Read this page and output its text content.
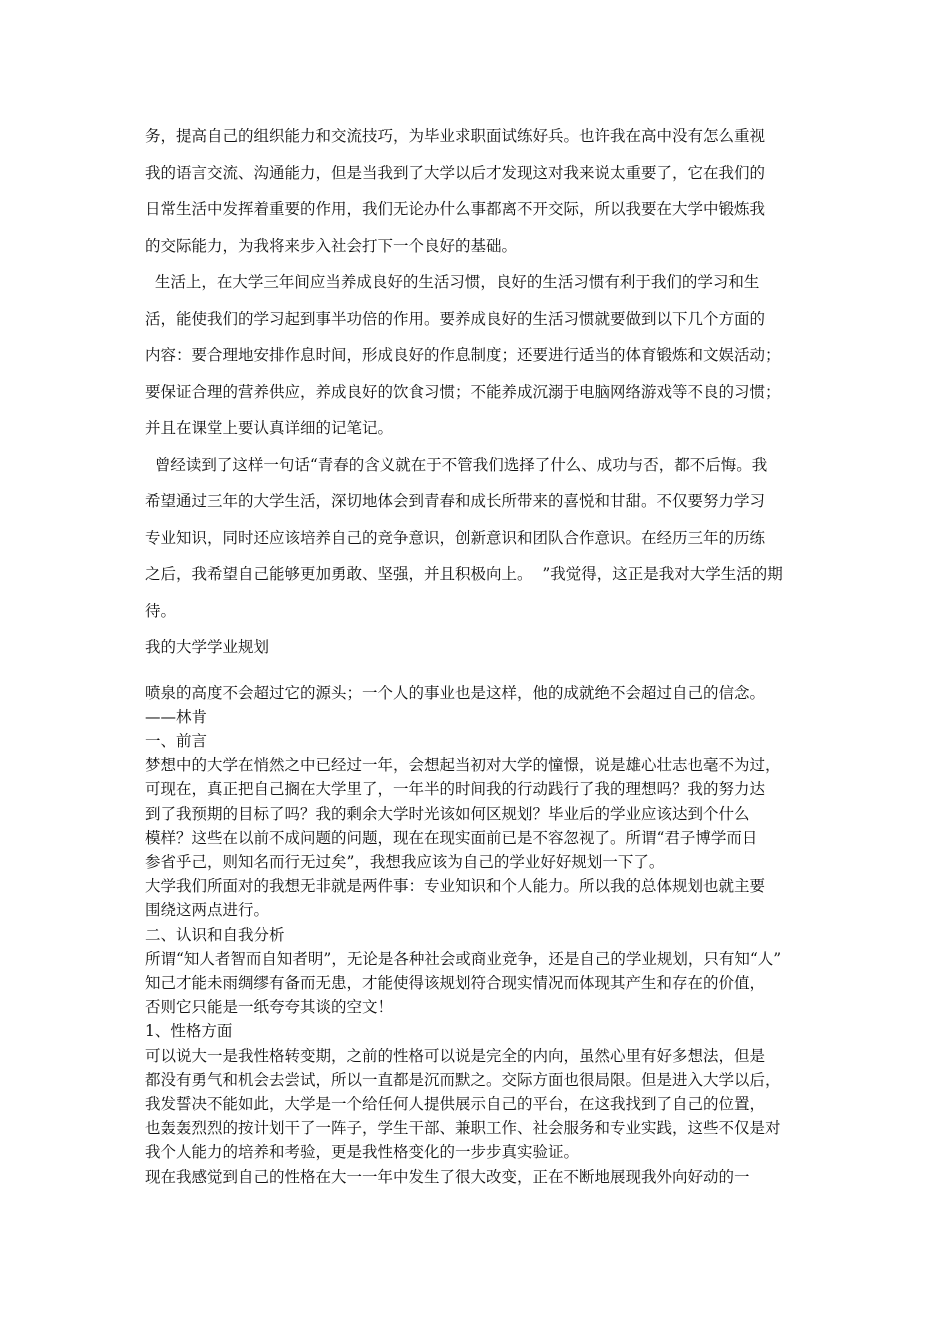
务，提高自己的组织能力和交流技巧，为毕业求职面试练好兵。也许我在高中没有怎么重视
我的语言交流、沟通能力，但是当我到了大学以后才发现这对我来说太重要了，它在我们的
日常生活中发挥着重要的作用，我们无论办什么事都离不开交际，所以我要在大学中锻炼我
的交际能力，为我将来步入社会打下一个良好的基础。

生活上，在大学三年间应当养成良好的生活习惯，良好的生活习惯有利于我们的学习和生
活，能使我们的学习起到事半功倍的作用。要养成良好的生活习惯就要做到以下几个方面的
内容：要合理地安排作息时间，形成良好的作息制度；还要进行适当的体育锻炼和文娱活动；
要保证合理的营养供应，养成良好的饮食习惯；不能养成沉溺于电脑网络游戏等不良的习惯；
并且在课堂上要认真详细的记笔记。

曾经读到了这样一句话“青春的含义就在于不管我们选择了什么、成功与否，都不后悔。我
希望通过三年的大学生活，深切地体会到青春和成长所带来的喜悦和甘甜。不仅要努力学习
专业知识，同时还应该培养自己的竞争意识，创新意识和团队合作意识。在经历三年的历练
之后，我希望自己能够更加勇敢、坚强，并且积极向上。  ”我觉得，这正是我对大学生活的期
待。

我的大学学业规划

喷泉的高度不会超过它的源头；一个人的事业也是这样，他的成就绝不会超过自己的信念。

——林肯

一、前言

梦想中的大学在悄然之中已经过一年，会想起当初对大学的憧憬，说是雄心壮志也毫不为过，

可现在，真正把自己搁在大学里了，一年半的时间我的行动践行了我的理想吗？我的努力达

到了我预期的目标了吗？我的剩余大学时光该如何区规划？毕业后的学业应该达到个什么

模样？这些在以前不成问题的问题，现在在现实面前已是不容忽视了。所谓“君子博学而日

参省乎己，则知名而行无过矣”，我想我应该为自己的学业好好规划一下了。

大学我们所面对的我想无非就是两件事：专业知识和个人能力。所以我的总体规划也就主要

围绕这两点进行。

二、认识和自我分析

所谓“知人者智而自知者明”，无论是各种社会或商业竞争，还是自己的学业规划，只有知“人”

知己才能未雨绸缪有备而无患，才能使得该规划符合现实情况而体现其产生和存在的价值，

否则它只能是一纸夸夸其谈的空文！

1、性格方面

可以说大一是我性格转变期，之前的性格可以说是完全的内向，虽然心里有好多想法，但是

都没有勇气和机会去尝试，所以一直都是沉而默之。交际方面也很局限。但是进入大学以后，

我发誓决不能如此，大学是一个给任何人提供展示自己的平台，在这我找到了自己的位置，

也轰轰烈烈的按计划干了一阵子，学生干部、兼职工作、社会服务和专业实践，这些不仅是对

我个人能力的培养和考验，更是我性格变化的一步步真实验证。

现在我感觉到自己的性格在大一一年中发生了很大改变，正在不断地展现我外向好动的一
